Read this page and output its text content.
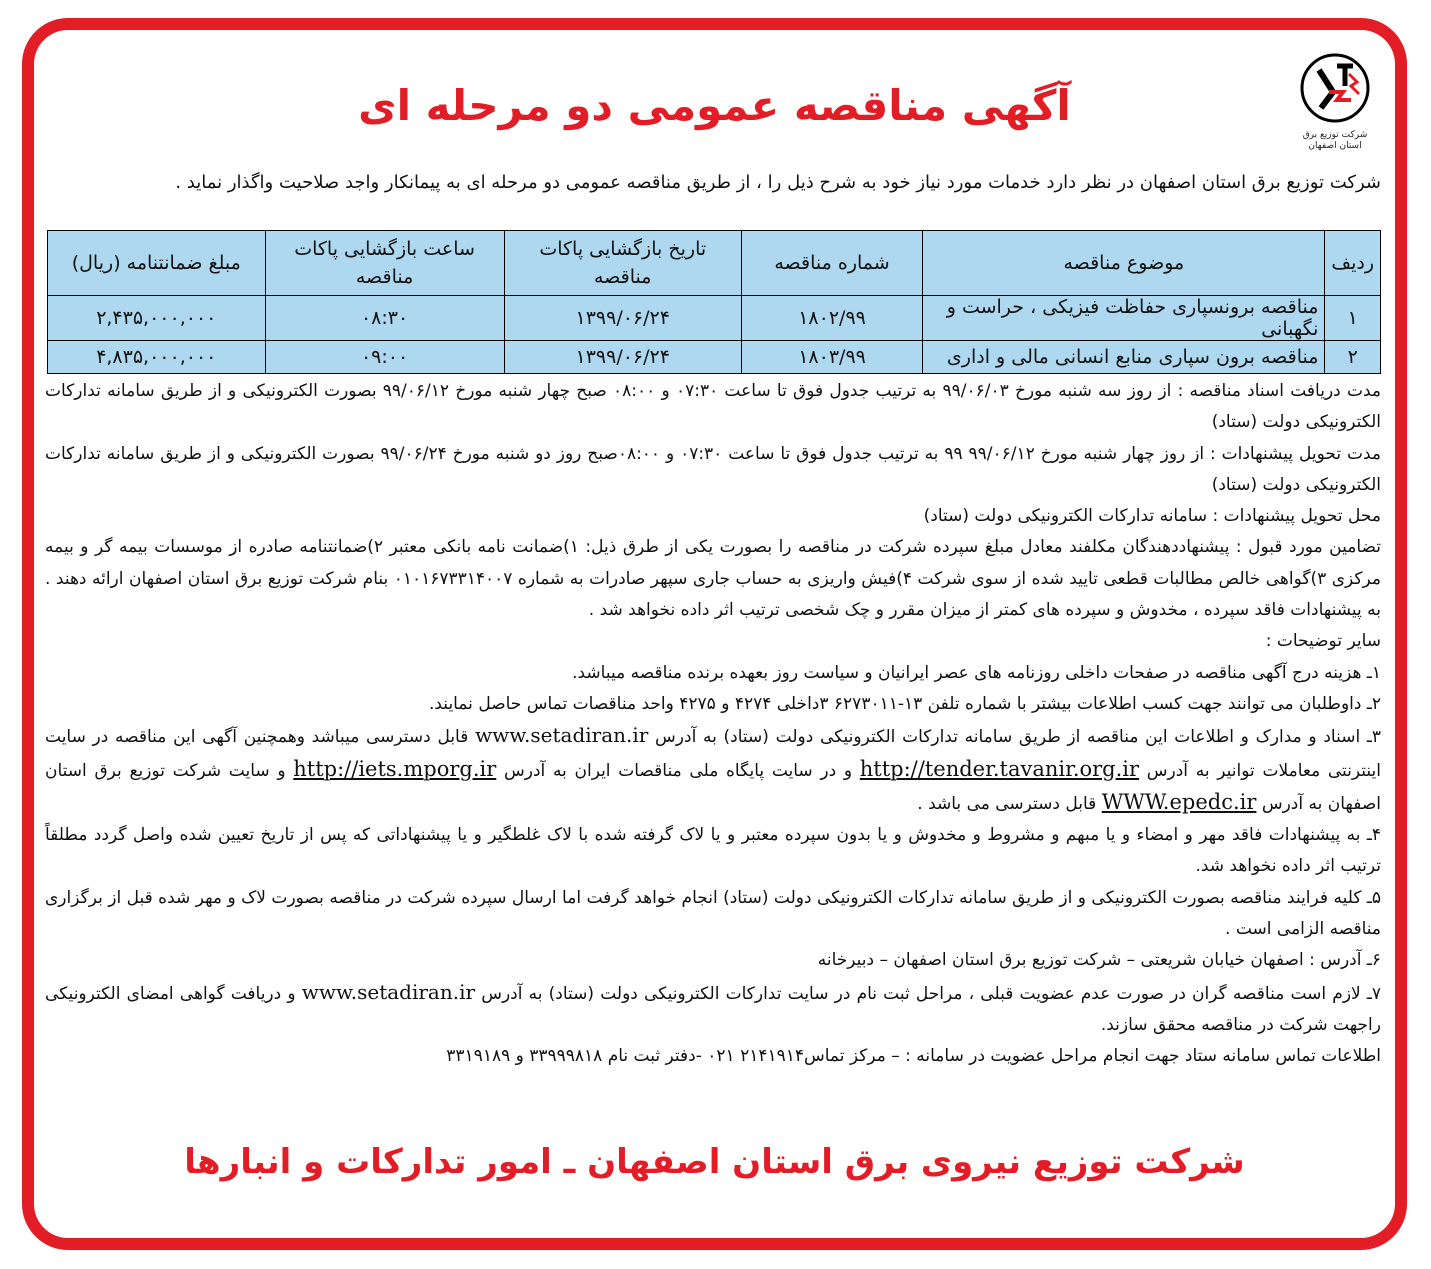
شرکت توزیع برق استان اصفهان
آگهی مناقصه عمومی دو مرحله ای
شرکت توزیع برق استان اصفهان در نظر دارد خدمات مورد نیاز خود به شرح ذیل را ، از طریق مناقصه عمومی دو مرحله ای به پیمانکار واجد صلاحیت واگذار نماید .
ردیف	موضوع مناقصه	شماره مناقصه	تاریخ بازگشایی پاکات مناقصه	ساعت بازگشایی پاکات مناقصه	مبلغ ضمانتنامه (ریال)
۱	مناقصه برونسپاری حفاظت فیزیکی ، حراست و نگهبانی	۱۸۰۲/۹۹	۱۳۹۹/۰۶/۲۴	۰۸:۳۰	۲,۴۳۵,۰۰۰,۰۰۰
۲	مناقصه برون سپاری منابع انسانی مالی و اداری	۱۸۰۳/۹۹	۱۳۹۹/۰۶/۲۴	۰۹:۰۰	۴,۸۳۵,۰۰۰,۰۰۰

مدت دریافت اسناد مناقصه : از روز سه شنبه مورخ ۹۹/۰۶/۰۳ به ترتیب جدول فوق تا ساعت ۰۷:۳۰ و ۰۸:۰۰ صبح چهار شنبه مورخ ۹۹/۰۶/۱۲ بصورت الکترونیکی و از طریق سامانه تدارکات الکترونیکی دولت (ستاد)

مدت تحویل پیشنهادات : از روز چهار شنبه مورخ ۹۹/۰۶/۱۲ ۹۹ به ترتیب جدول فوق تا ساعت ۰۷:۳۰ و ۰۸:۰۰صبح روز دو شنبه مورخ ۹۹/۰۶/۲۴ بصورت الکترونیکی و از طریق سامانه تدارکات الکترونیکی دولت (ستاد)

محل تحویل پیشنهادات : سامانه تدارکات الکترونیکی دولت (ستاد)

تضامین مورد قبول : پیشنهاددهندگان مکلفند معادل مبلغ سپرده شرکت در مناقصه را بصورت یکی از طرق ذیل: ۱)ضمانت نامه بانکی معتبر ۲)ضمانتنامه صادره از موسسات بیمه گر و بیمه مرکزی ۳)گواهی خالص مطالبات قطعی تایید شده از سوی شرکت ۴)فیش واریزی به حساب جاری سپهر صادرات به شماره ۰۱۰۱۶۷۳۳۱۴۰۰۷ بنام شرکت توزیع برق استان اصفهان ارائه دهند . به پیشنهادات فاقد سپرده ، مخدوش و سپرده های کمتر از میزان مقرر و چک شخصی ترتیب اثر داده نخواهد شد .

سایر توضیحات :

۱ـ هزینه درج آگهی مناقصه در صفحات داخلی روزنامه های عصر ایرانیان و سیاست روز بعهده برنده مناقصه میباشد.

۲ـ داوطلبان می توانند جهت کسب اطلاعات بیشتر با شماره تلفن ۱۳-۶۲۷۳۰۱۱ ۳داخلی ۴۲۷۴ و ۴۲۷۵ واحد مناقصات تماس حاصل نمایند.

۳ـ اسناد و مدارک و اطلاعات این مناقصه از طریق سامانه تدارکات الکترونیکی دولت (ستاد) به آدرس www.setadiran.ir قابل دسترسی میباشد وهمچنین آگهی این مناقصه در سایت اینترنتی معاملات توانیر به آدرس http://tender.tavanir.org.ir و در سایت پایگاه ملی مناقصات ایران به آدرس http://iets.mporg.ir و سایت شرکت توزیع برق استان اصفهان به آدرس WWW.epedc.ir قابل دسترسی می باشد .

۴ـ به پیشنهادات فاقد مهر و امضاء و یا مبهم و مشروط و مخدوش و یا بدون سپرده معتبر و یا لاک گرفته شده با لاک غلطگیر و یا پیشنهاداتی که پس از تاریخ تعیین شده واصل گردد مطلقاً ترتیب اثر داده نخواهد شد.

۵ـ کلیه فرایند مناقصه بصورت الکترونیکی و از طریق سامانه تدارکات الکترونیکی دولت (ستاد) انجام خواهد گرفت اما ارسال سپرده شرکت در مناقصه بصورت لاک و مهر شده قبل از برگزاری مناقصه الزامی است .

۶ـ آدرس : اصفهان خیابان شریعتی – شرکت توزیع برق استان اصفهان – دبیرخانه

۷ـ لازم است مناقصه گران در صورت عدم عضویت قبلی ، مراحل ثبت نام در سایت تدارکات الکترونیکی دولت (ستاد) به آدرس www.setadiran.ir و دریافت گواهی امضای الکترونیکی راجهت شرکت در مناقصه محقق سازند.

اطلاعات تماس سامانه ستاد جهت انجام مراحل عضویت در سامانه : – مرکز تماس۲۱۴۱۹۱۴ ۰۲۱ -دفتر ثبت نام ۳۳۹۹۹۸۱۸ و ۳۳۱۹۱۸۹

شرکت توزیع نیروی برق استان اصفهان ـ امور تدارکات و انبارها
